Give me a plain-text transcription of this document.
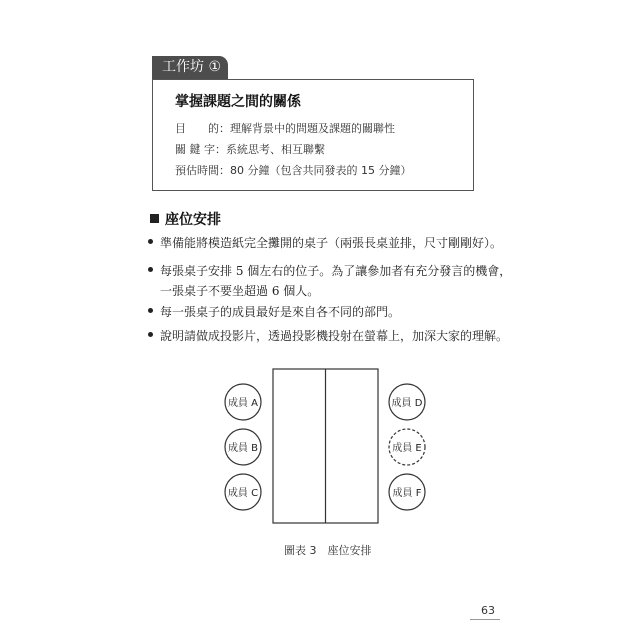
工作坊 ①
掌握課題之間的關係
目　　的：理解背景中的問題及課題的關聯性
關 鍵 字：系統思考、相互聯繫
預估時間：80 分鐘（包含共同發表的 15 分鐘）
座位安排
準備能將模造紙完全攤開的桌子（兩張長桌並排，尺寸剛剛好）。
每張桌子安排 5 個左右的位子。為了讓參加者有充分發言的機會，
一張桌子不要坐超過 6 個人。
每一張桌子的成員最好是來自各不同的部門。
說明請做成投影片，透過投影機投射在螢幕上，加深大家的理解。
成員 A
成員 B
成員 C
成員 D
成員 E
成員 F
圖表 3　座位安排
63
